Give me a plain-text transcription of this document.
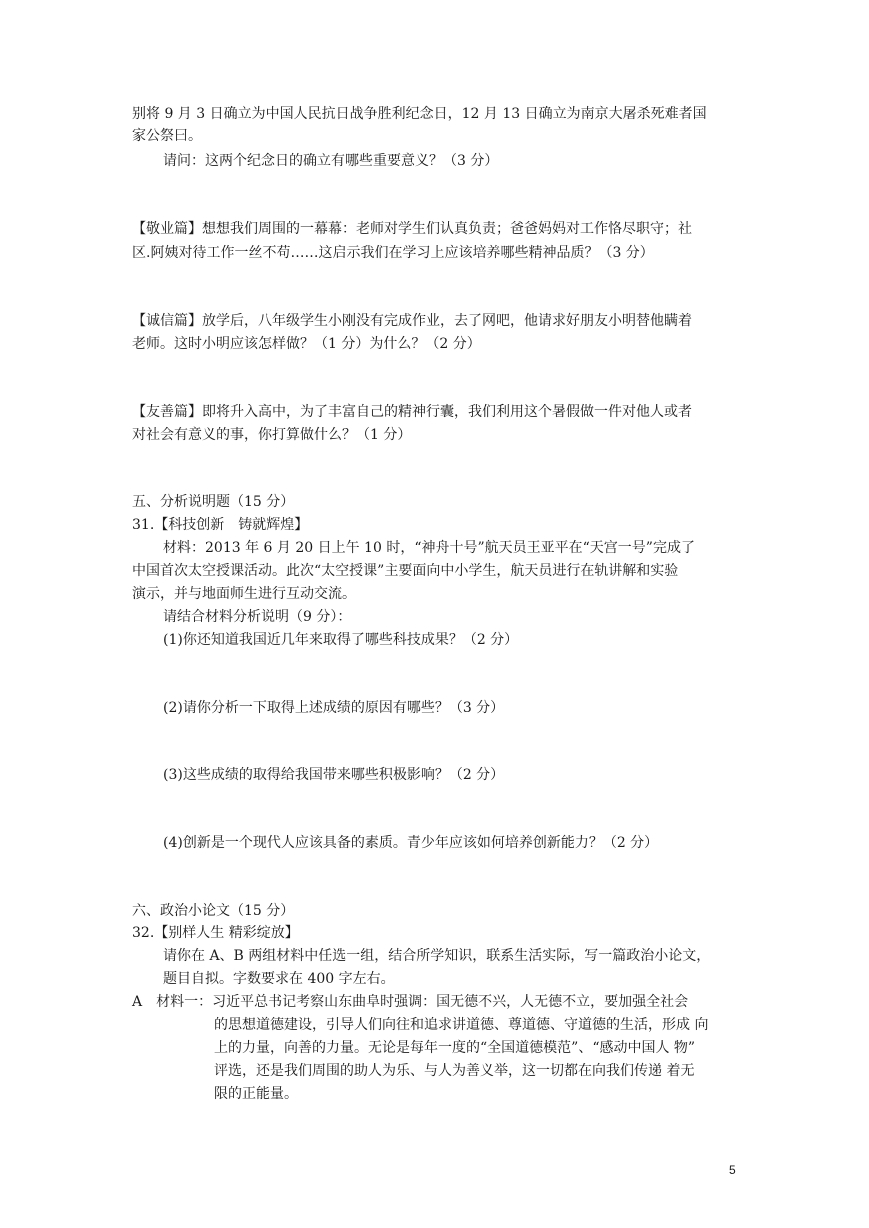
别将 9 月 3 日确立为中国人民抗日战争胜利纪念日，12 月 13 日确立为南京大屠杀死难者国
家公祭曰。
请问：这两个纪念日的确立有哪些重要意义？（3 分）
【敬业篇】想想我们周围的一幕幕：老师对学生们认真负责；爸爸妈妈对工作恪尽职守；社
区.阿姨对待工作一丝不苟……这启示我们在学习上应该培养哪些精神品质？（3 分）
【诚信篇】放学后，八年级学生小刚没有完成作业，去了网吧，他请求好朋友小明替他瞒着
老师。这时小明应该怎样做？（1 分）为什么？（2 分）
【友善篇】即将升入高中，为了丰富自己的精神行囊，我们利用这个暑假做一件对他人或者
对社会有意义的事，你打算做什么？（1 分）
五、分析说明题（15 分）
31.【科技创新　铸就辉煌】
材料：2013 年 6 月 20 日上午 10 时，“神舟十号”航天员王亚平在“天宫一号”完成了
中国首次太空授课活动。此次“太空授课”主要面向中小学生，航天员进行在轨讲解和实验
演示，并与地面师生进行互动交流。
请结合材料分析说明（9 分）：
(1)你还知道我国近几年来取得了哪些科技成果？（2 分）
(2)请你分析一下取得上述成绩的原因有哪些？（3 分）
(3)这些成绩的取得给我国带来哪些积极影响？（2 分）
(4)创新是一个现代人应该具备的素质。青少年应该如何培养创新能力？（2 分）
六、政治小论文（15 分）
32.【别样人生 精彩绽放】
请你在 A、B 两组材料中任选一组，结合所学知识，联系生活实际，写一篇政治小论文，
题目自拟。字数要求在 400 字左右。
A　材料一：习近平总书记考察山东曲阜时强调：国无德不兴，人无德不立，要加强全社会
的思想道德建设，引导人们向往和追求讲道德、尊道德、守道德的生活，形成 向
上的力量，向善的力量。无论是每年一度的“全国道德模范”、“感动中国人 物”
评选，还是我们周围的助人为乐、与人为善义举，这一切都在向我们传递 着无
限的正能量。
5
